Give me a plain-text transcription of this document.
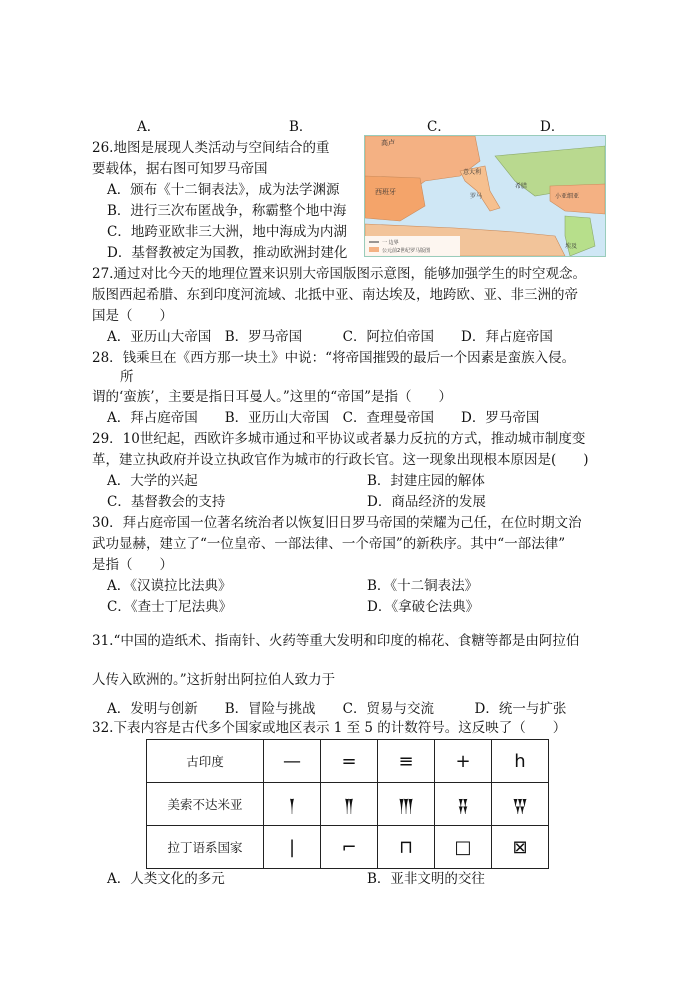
A．	B．	C．	D．
26.地图是展现人类活动与空间结合的重
要载体，据右图可知罗马帝国
A．颁布《十二铜表法》，成为法学渊源
B．进行三次布匿战争，称霸整个地中海
C．地跨亚欧非三大洲，地中海成为内湖
D．基督教被定为国教，推动欧洲封建化
高卢
西班牙
意大利
罗马
希腊
小亚细亚
埃及
一 边界
公元前2世纪罗马版图
27.通过对比今天的地理位置来识别大帝国版图示意图，能够加强学生的时空观念。
版图西起希腊、东到印度河流域、北抵中亚、南达埃及，地跨欧、亚、非三洲的帝
国是（　　）
A．亚历山大帝国　B．罗马帝国　　　C．阿拉伯帝国　　D．拜占庭帝国
28．钱乘旦在《西方那一块土》中说：“将帝国摧毁的最后一个因素是蛮族入侵。
所
谓的‘蛮族’，主要是指日耳曼人。”这里的“帝国”是指（　　）
A．拜占庭帝国　　B．亚历山大帝国　C．查理曼帝国　　D．罗马帝国
29．10世纪起，西欧许多城市通过和平协议或者暴力反抗的方式，推动城市制度变
革，建立执政府并设立执政官作为城市的行政长官。这一现象出现根本原因是(　　)
A．大学的兴起	B．封建庄园的解体
C．基督教会的支持	D．商品经济的发展
30．拜占庭帝国一位著名统治者以恢复旧日罗马帝国的荣耀为己任，在位时期文治
武功显赫，建立了“一位皇帝、一部法律、一个帝国”的新秩序。其中“一部法律”
是指（　　）
A．《汉谟拉比法典》	B．《十二铜表法》
C．《查士丁尼法典》	D．《拿破仑法典》
31.“中国的造纸术、指南针、火药等重大发明和印度的棉花、食糖等都是由阿拉伯
人传入欧洲的。”这折射出阿拉伯人致力于
A．发明与创新　　B．冒险与挑战　　C．贸易与交流　　　D．统一与扩张
32.下表内容是古代多个国家或地区表示 1 至 5 的计数符号。这反映了（　　）
古印度	—	=	≡	+	h
美索不达米亚	𒁹	𒈫	𒐈	𒐉	𒐊
拉丁语系国家	|	⌐	⊓	□	⊠
A．人类文化的多元	B．亚非文明的交往
